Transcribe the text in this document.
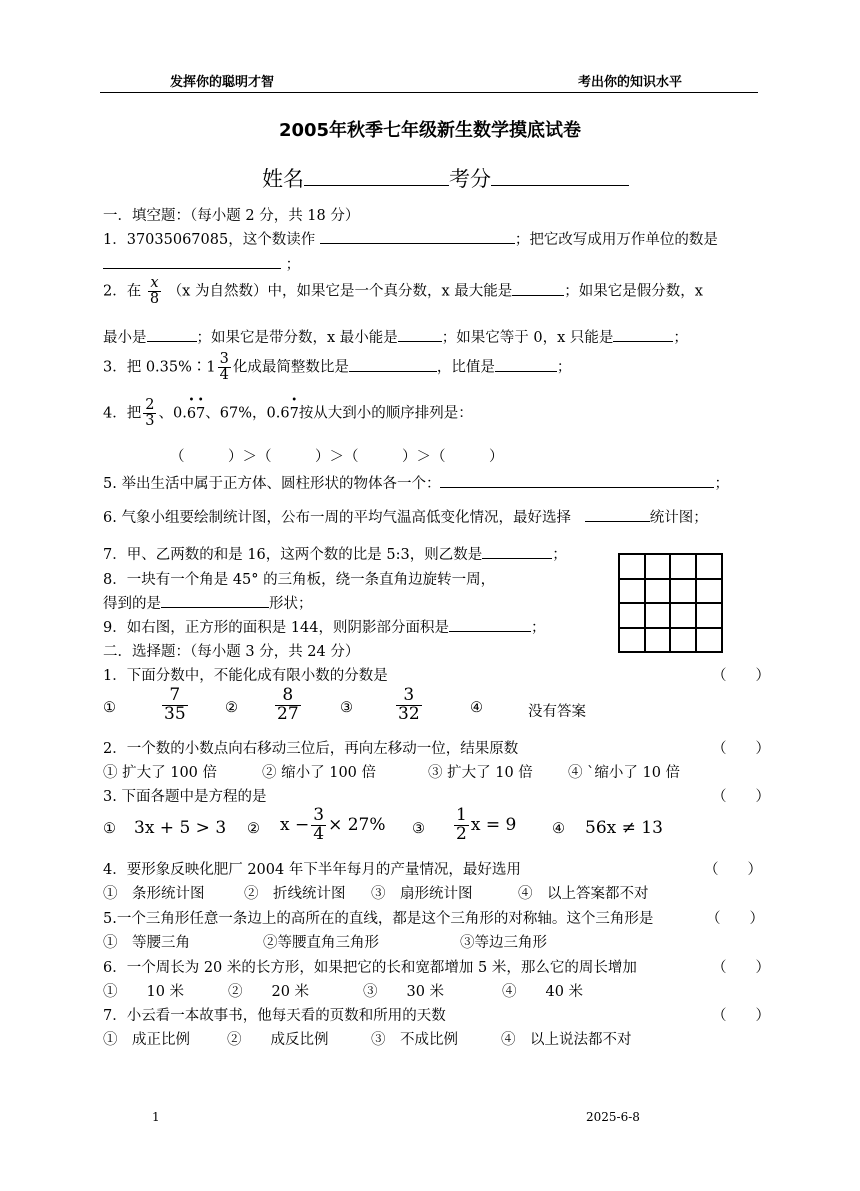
发挥你的聪明才智	考出你的知识水平
2005年秋季七年级新生数学摸底试卷
姓名	考分
一．填空题：（每小题 2 分，共 18 分）
1．37035067085，这个数读作	；把它改写成用万作单位的数是
；
2．在 $\frac{x}{8} (x$ 为自然数）中，如果它是一个真分数，x 最大能是	；如果它是假分数，x
最小是	；如果它是带分数，x 最小能是	；如果它等于 0，x 只能是	；
3．把 0.35%∶1 $\frac{3}{4}$ 化成最简整数比是	，比值是	；
4．把 $\frac{2}{3}$ 、0.• 6• 7、67%，0.6• 7按从大到小的顺序排列是：
（　　　）＞（　　　）＞（　　　）＞（　　　）
5. 举出生活中属于正方体、圆柱形状的物体各一个：	；
6. 气象小组要绘制统计图，公布一周的平均气温高低变化情况，最好选择	统计图；
7．甲、乙两数的和是 16，这两个数的比是 5:3，则乙数是	；
8．一块有一个角是 45° 的三角板，绕一条直角边旋转一周，
得到的是	形状；
9．如右图，正方形的面积是 144，则阴影部分面积是	；
二．选择题：（每小题 3 分，共 24 分）
1．下面分数中，不能化成有限小数的分数是	（　　）
①	$\frac{7}{35}$	② $\frac{8}{27}$	③	$\frac{3}{32}$	④	没有答案
2．一个数的小数点向右移动三位后，再向左移动一位，结果原数	（　　）
① 扩大了 100 倍	② 缩小了 100 倍	③ 扩大了 10 倍 ④ `缩小了 10 倍
3. 下面各题中是方程的是	（　　）
① 3x + 5 > 3 ② $x - \frac{3}{4} \times 27\%$ ③ $\frac{1}{2}$ x = 9 ④ 56x ≠ 13
4．要形象反映化肥厂 2004 年下半年每月的产量情况，最好选用	（　　）
①　条形统计图	②　折线统计图 ③　扇形统计图	④　以上答案都不对
5.一个三角形任意一条边上的高所在的直线，都是这个三角形的对称轴。这个三角形是	（　　）
①　等腰三角	②等腰直角三角形	③等边三角形
6．一个周长为 20 米的长方形，如果把它的长和宽都增加 5 米，那么它的周长增加	（　　）
①　　10 米	②　　20 米	③　　30 米	④　　40 米
7．小云看一本故事书，他每天看的页数和所用的天数	（　　）
①　成正比例	②　　成反比例	③　不成比例	④　以上说法都不对
1	2025-6-8
